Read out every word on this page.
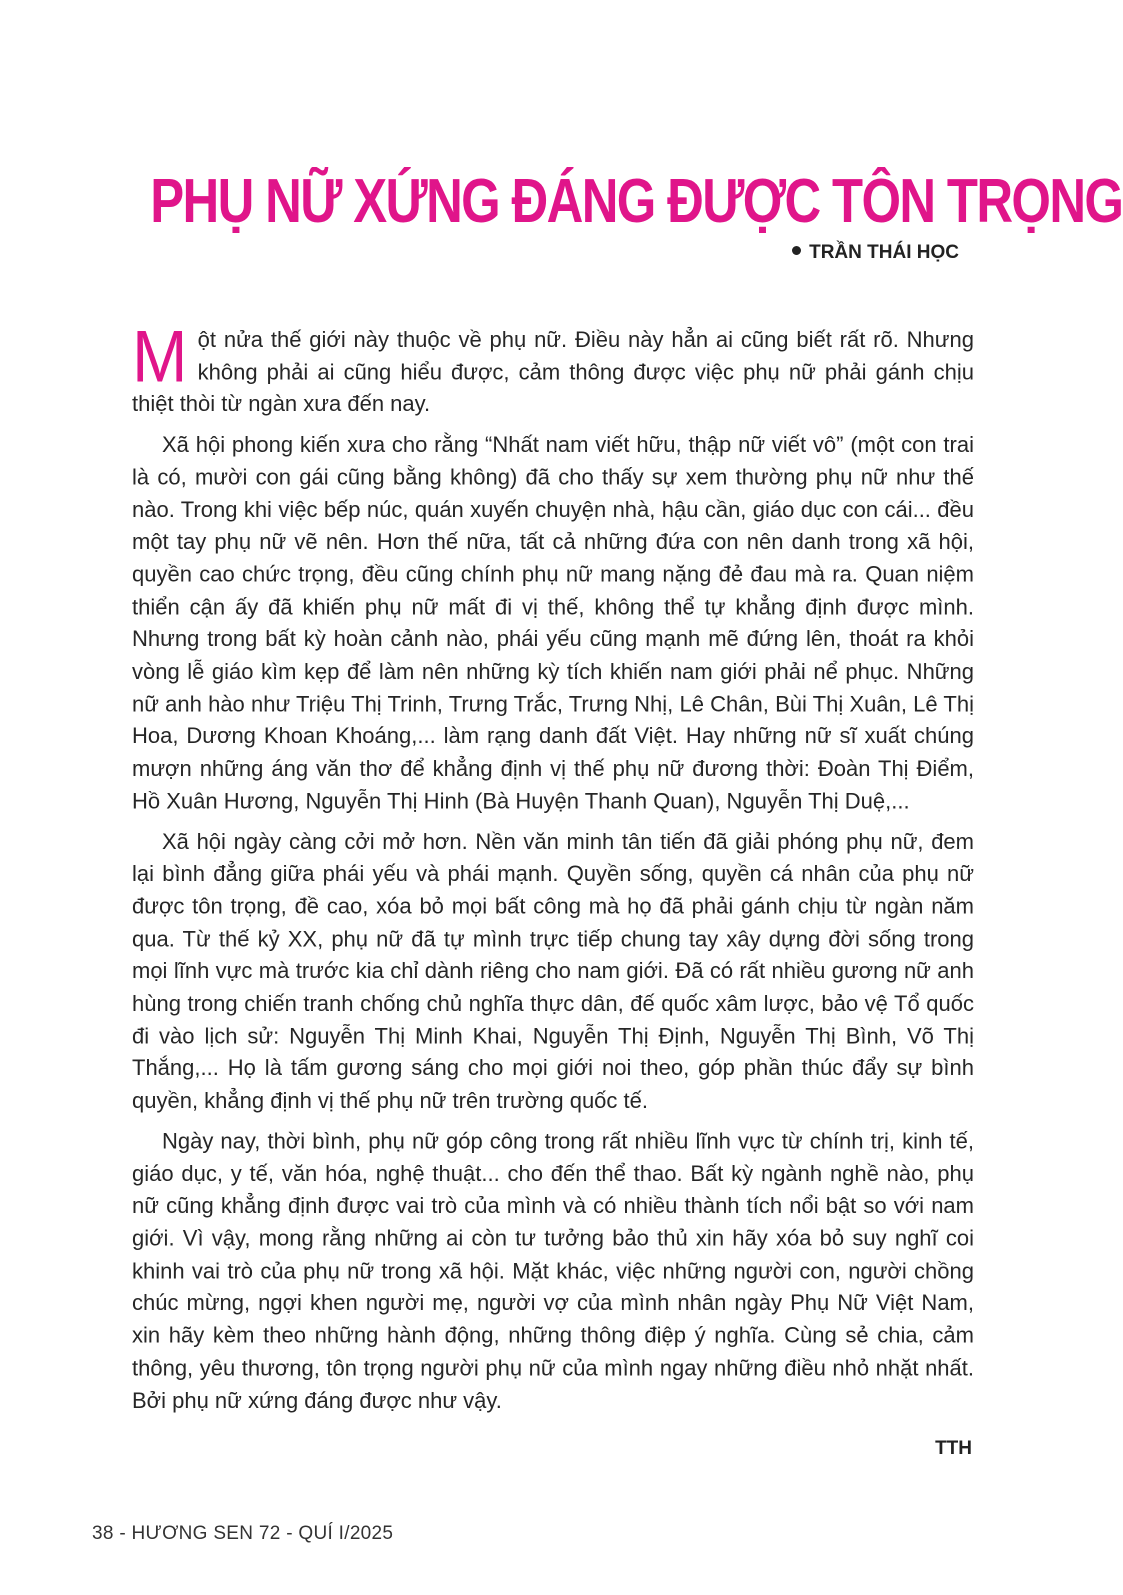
PHỤ NỮ XỨNG ĐÁNG ĐƯỢC TÔN TRỌNG
TRẦN THÁI HỌC

Một nửa thế giới này thuộc về phụ nữ. Điều này hẳn ai cũng biết rất rõ. Nhưng không phải ai cũng hiểu được, cảm thông được việc phụ nữ phải gánh chịu thiệt thòi từ ngàn xưa đến nay.

Xã hội phong kiến xưa cho rằng “Nhất nam viết hữu, thập nữ viết vô” (một con trai là có, mười con gái cũng bằng không) đã cho thấy sự xem thường phụ nữ như thế nào. Trong khi việc bếp núc, quán xuyến chuyện nhà, hậu cần, giáo dục con cái... đều một tay phụ nữ vẽ nên. Hơn thế nữa, tất cả những đứa con nên danh trong xã hội, quyền cao chức trọng, đều cũng chính phụ nữ mang nặng đẻ đau mà ra. Quan niệm thiển cận ấy đã khiến phụ nữ mất đi vị thế, không thể tự khẳng định được mình. Nhưng trong bất kỳ hoàn cảnh nào, phái yếu cũng mạnh mẽ đứng lên, thoát ra khỏi vòng lễ giáo kìm kẹp để làm nên những kỳ tích khiến nam giới phải nể phục. Những nữ anh hào như Triệu Thị Trinh, Trưng Trắc, Trưng Nhị, Lê Chân, Bùi Thị Xuân, Lê Thị Hoa, Dương Khoan Khoáng,... làm rạng danh đất Việt. Hay những nữ sĩ xuất chúng mượn những áng văn thơ để khẳng định vị thế phụ nữ đương thời: Đoàn Thị Điểm, Hồ Xuân Hương, Nguyễn Thị Hinh (Bà Huyện Thanh Quan), Nguyễn Thị Duệ,...

Xã hội ngày càng cởi mở hơn. Nền văn minh tân tiến đã giải phóng phụ nữ, đem lại bình đẳng giữa phái yếu và phái mạnh. Quyền sống, quyền cá nhân của phụ nữ được tôn trọng, đề cao, xóa bỏ mọi bất công mà họ đã phải gánh chịu từ ngàn năm qua. Từ thế kỷ XX, phụ nữ đã tự mình trực tiếp chung tay xây dựng đời sống trong mọi lĩnh vực mà trước kia chỉ dành riêng cho nam giới. Đã có rất nhiều gương nữ anh hùng trong chiến tranh chống chủ nghĩa thực dân, đế quốc xâm lược, bảo vệ Tổ quốc đi vào lịch sử: Nguyễn Thị Minh Khai, Nguyễn Thị Định, Nguyễn Thị Bình, Võ Thị Thắng,... Họ là tấm gương sáng cho mọi giới noi theo, góp phần thúc đẩy sự bình quyền, khẳng định vị thế phụ nữ trên trường quốc tế.

Ngày nay, thời bình, phụ nữ góp công trong rất nhiều lĩnh vực từ chính trị, kinh tế, giáo dục, y tế, văn hóa, nghệ thuật... cho đến thể thao. Bất kỳ ngành nghề nào, phụ nữ cũng khẳng định được vai trò của mình và có nhiều thành tích nổi bật so với nam giới. Vì vậy, mong rằng những ai còn tư tưởng bảo thủ xin hãy xóa bỏ suy nghĩ coi khinh vai trò của phụ nữ trong xã hội. Mặt khác, việc những người con, người chồng chúc mừng, ngợi khen người mẹ, người vợ của mình nhân ngày Phụ Nữ Việt Nam, xin hãy kèm theo những hành động, những thông điệp ý nghĩa. Cùng sẻ chia, cảm thông, yêu thương, tôn trọng người phụ nữ của mình ngay những điều nhỏ nhặt nhất. Bởi phụ nữ xứng đáng được như vậy.

TTH
38 - HƯƠNG SEN 72 - QUÍ I/2025
